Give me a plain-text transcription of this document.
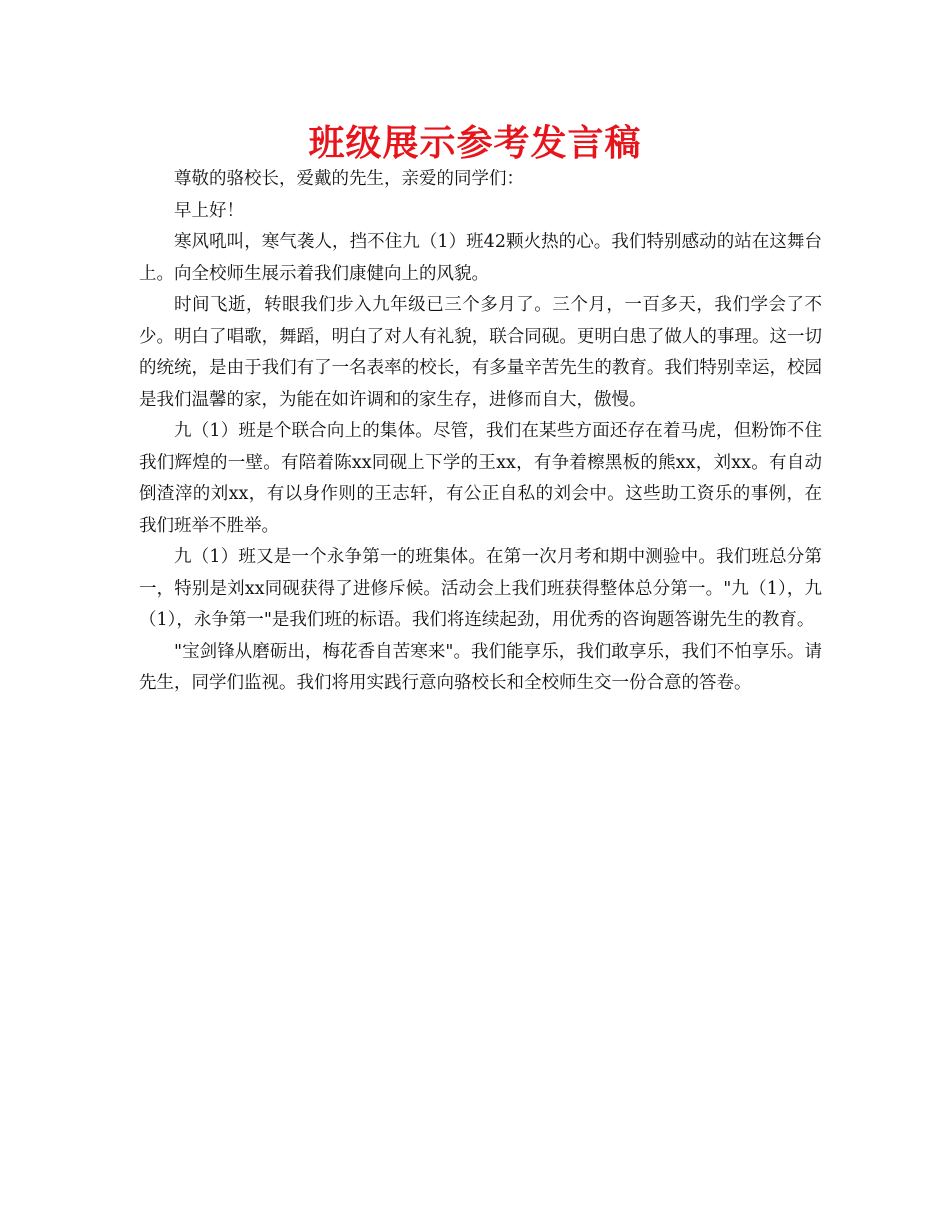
班级展示参考发言稿

尊敬的骆校长，爱戴的先生，亲爱的同学们：

早上好！

寒风吼叫，寒气袭人，挡不住九（1）班42颗火热的心。我们特别感动的站在这舞台上。向全校师生展示着我们康健向上的风貌。

时间飞逝，转眼我们步入九年级已三个多月了。三个月，一百多天，我们学会了不少。明白了唱歌，舞蹈，明白了对人有礼貌，联合同砚。更明白患了做人的事理。这一切的统统，是由于我们有了一名表率的校长，有多量辛苦先生的教育。我们特别幸运，校园是我们温馨的家，为能在如许调和的家生存，进修而自大，傲慢。

九（1）班是个联合向上的集体。尽管，我们在某些方面还存在着马虎，但粉饰不住我们辉煌的一壁。有陪着陈xx同砚上下学的王xx，有争着檫黑板的熊xx，刘xx。有自动倒渣滓的刘xx，有以身作则的王志轩，有公正自私的刘会中。这些助工资乐的事例，在我们班举不胜举。

九（1）班又是一个永争第一的班集体。在第一次月考和期中测验中。我们班总分第一，特别是刘xx同砚获得了进修斥候。活动会上我们班获得整体总分第一。"九（1），九（1），永争第一"是我们班的标语。我们将连续起劲，用优秀的咨询题答谢先生的教育。

"宝剑锋从磨砺出，梅花香自苦寒来"。我们能享乐，我们敢享乐，我们不怕享乐。请先生，同学们监视。我们将用实践行意向骆校长和全校师生交一份合意的答卷。
